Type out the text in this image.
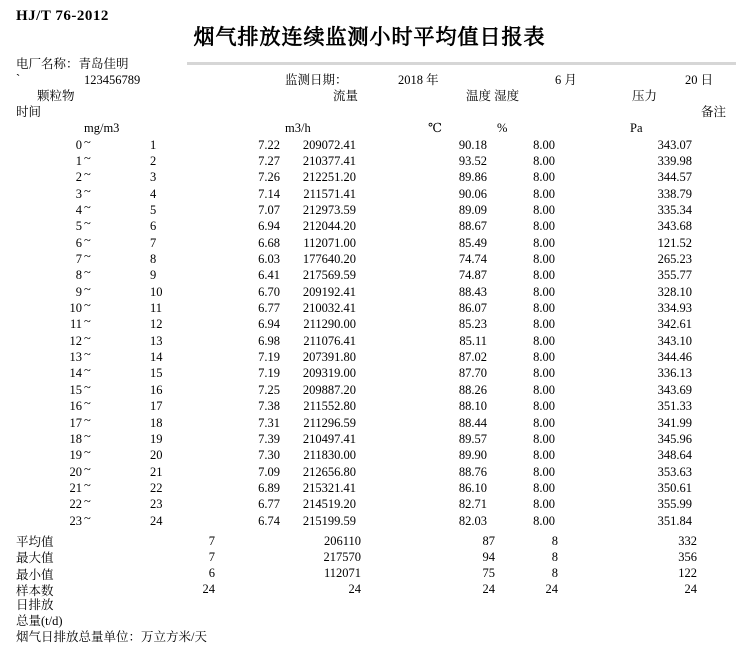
HJ/T 76-2012
烟气排放连续监测小时平均值日报表
电厂名称：青岛佳明
`	123456789	监测日期：	2018 年	6 月	20 日
颗粒物	流量	温度 湿度	压力
时间	备注
mg/m3	m3/h	℃	%	Pa
0 ~	1	7.22	209072.41	90.18	8.00	343.07
1 ~	2	7.27	210377.41	93.52	8.00	339.98
2 ~	3	7.26	212251.20	89.86	8.00	344.57
3 ~	4	7.14	211571.41	90.06	8.00	338.79
4 ~	5	7.07	212973.59	89.09	8.00	335.34
5 ~	6	6.94	212044.20	88.67	8.00	343.68
6 ~	7	6.68	112071.00	85.49	8.00	121.52
7 ~	8	6.03	177640.20	74.74	8.00	265.23
8 ~	9	6.41	217569.59	74.87	8.00	355.77
9 ~	10	6.70	209192.41	88.43	8.00	328.10
10 ~	11	6.77	210032.41	86.07	8.00	334.93
11 ~	12	6.94	211290.00	85.23	8.00	342.61
12 ~	13	6.98	211076.41	85.11	8.00	343.10
13 ~	14	7.19	207391.80	87.02	8.00	344.46
14 ~	15	7.19	209319.00	87.70	8.00	336.13
15 ~	16	7.25	209887.20	88.26	8.00	343.69
16 ~	17	7.38	211552.80	88.10	8.00	351.33
17 ~	18	7.31	211296.59	88.44	8.00	341.99
18 ~	19	7.39	210497.41	89.57	8.00	345.96
19 ~	20	7.30	211830.00	89.90	8.00	348.64
20 ~	21	7.09	212656.80	88.76	8.00	353.63
21 ~	22	6.89	215321.41	86.10	8.00	350.61
22 ~	23	6.77	214519.20	82.71	8.00	355.99
23 ~	24	6.74	215199.59	82.03	8.00	351.84
平均值	7	206110	87	8	332
最大值	7	217570	94	8	356
最小值	6	112071	75	8	122
样本数	24	24	24	24	24
日排放
总量(t/d)
烟气日排放总量单位：万立方米/天
